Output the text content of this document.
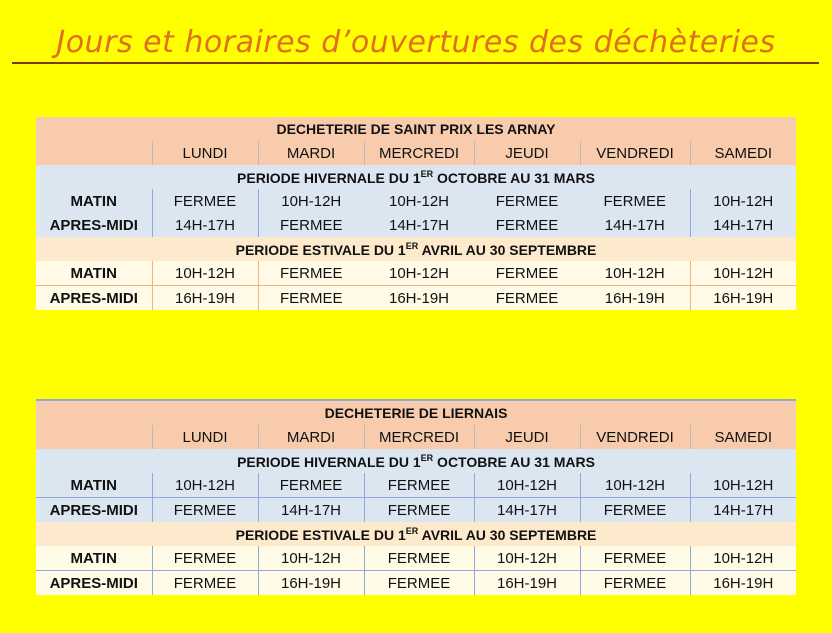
Jours et horaires d’ouvertures des déchèteries
DECHETERIE DE SAINT PRIX LES ARNAY						
	LUNDI	MARDI	MERCREDI	JEUDI	VENDREDI	SAMEDI
PERIODE HIVERNALE DU 1ER OCTOBRE AU 31 MARS						
MATIN	FERMEE	10H-12H	10H-12H	FERMEE	FERMEE	10H-12H
APRES-MIDI	14H-17H	FERMEE	14H-17H	FERMEE	14H-17H	14H-17H
PERIODE ESTIVALE DU 1ER AVRIL AU 30 SEPTEMBRE						
MATIN	10H-12H	FERMEE	10H-12H	FERMEE	10H-12H	10H-12H
APRES-MIDI	16H-19H	FERMEE	16H-19H	FERMEE	16H-19H	16H-19H
DECHETERIE DE LIERNAIS						
	LUNDI	MARDI	MERCREDI	JEUDI	VENDREDI	SAMEDI
PERIODE HIVERNALE DU 1ER OCTOBRE AU 31 MARS						
MATIN	10H-12H	FERMEE	FERMEE	10H-12H	10H-12H	10H-12H
APRES-MIDI	FERMEE	14H-17H	FERMEE	14H-17H	FERMEE	14H-17H
PERIODE ESTIVALE DU 1ER AVRIL AU 30 SEPTEMBRE						
MATIN	FERMEE	10H-12H	FERMEE	10H-12H	FERMEE	10H-12H
APRES-MIDI	FERMEE	16H-19H	FERMEE	16H-19H	FERMEE	16H-19H
